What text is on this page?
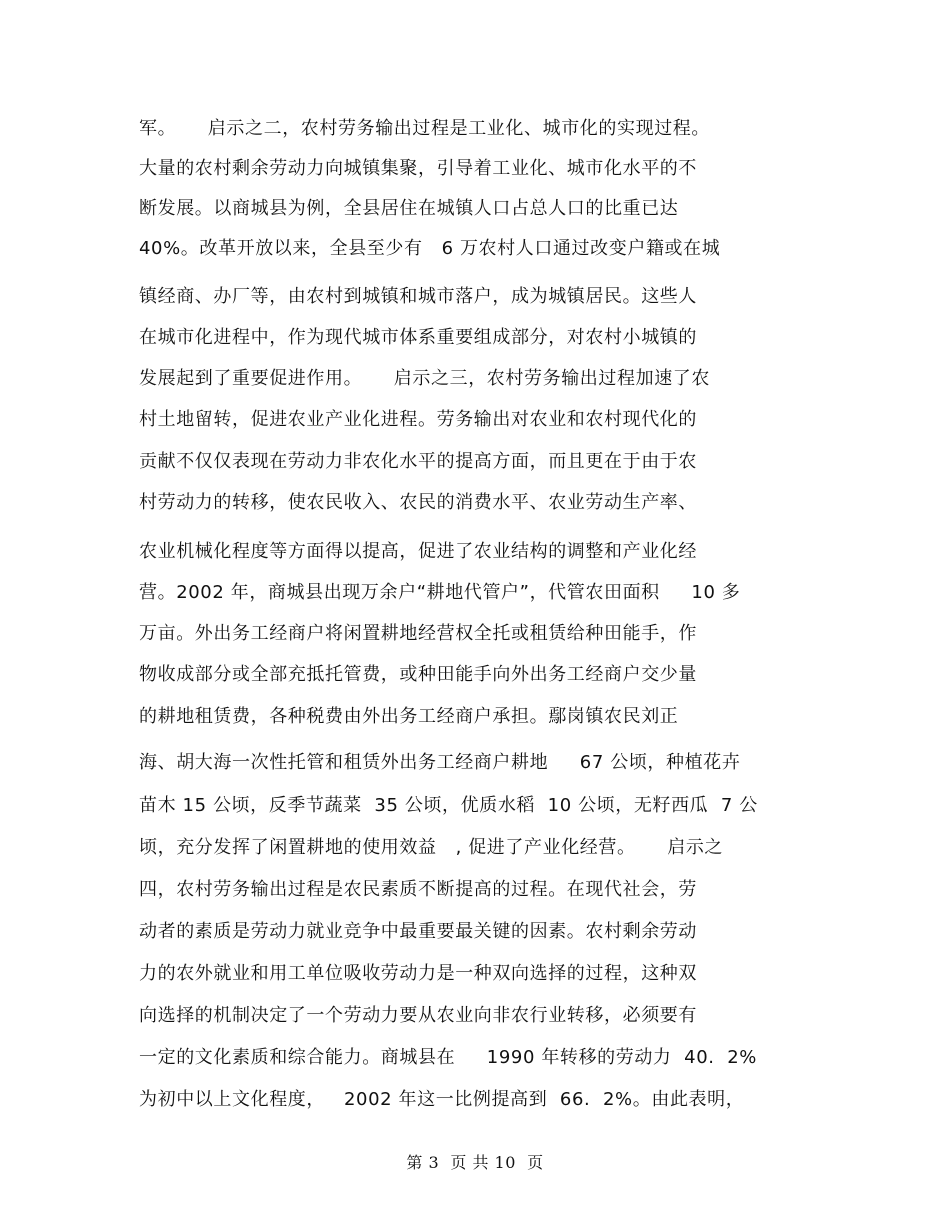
军。     启示之二，农村劳务输出过程是工业化、城市化的实现过程。
大量的农村剩余劳动力向城镇集聚，引导着工业化、城市化水平的不
断发展。以商城县为例，全县居住在城镇人口占总人口的比重已达
40%。改革开放以来，全县至少有   6 万农村人口通过改变户籍或在城
镇经商、办厂等，由农村到城镇和城市落户，成为城镇居民。这些人
在城市化进程中，作为现代城市体系重要组成部分，对农村小城镇的
发展起到了重要促进作用。     启示之三，农村劳务输出过程加速了农
村土地留转，促进农业产业化进程。劳务输出对农业和农村现代化的
贡献不仅仅表现在劳动力非农化水平的提高方面，而且更在于由于农
村劳动力的转移，使农民收入、农民的消费水平、农业劳动生产率、
农业机械化程度等方面得以提高，促进了农业结构的调整和产业化经
营。2002 年，商城县出现万余户“耕地代管户”，代管农田面积     10 多
万亩。外出务工经商户将闲置耕地经营权全托或租赁给种田能手，作
物收成部分或全部充抵托管费，或种田能手向外出务工经商户交少量
的耕地租赁费，各种税费由外出务工经商户承担。鄢岗镇农民刘正
海、胡大海一次性托管和租赁外出务工经商户耕地     67 公顷，种植花卉
苗木 15 公顷，反季节蔬菜  35 公顷，优质水稻  10 公顷，无籽西瓜  7 公
顷，充分发挥了闲置耕地的使用效益   , 促进了产业化经营。     启示之
四，农村劳务输出过程是农民素质不断提高的过程。在现代社会，劳
动者的素质是劳动力就业竞争中最重要最关键的因素。农村剩余劳动
力的农外就业和用工单位吸收劳动力是一种双向选择的过程，这种双
向选择的机制决定了一个劳动力要从农业向非农行业转移，必须要有
一定的文化素质和综合能力。商城县在     1990 年转移的劳动力  40.  2%
为初中以上文化程度，   2002 年这一比例提高到  66.  2%。由此表明，
第 3  页 共 10  页
